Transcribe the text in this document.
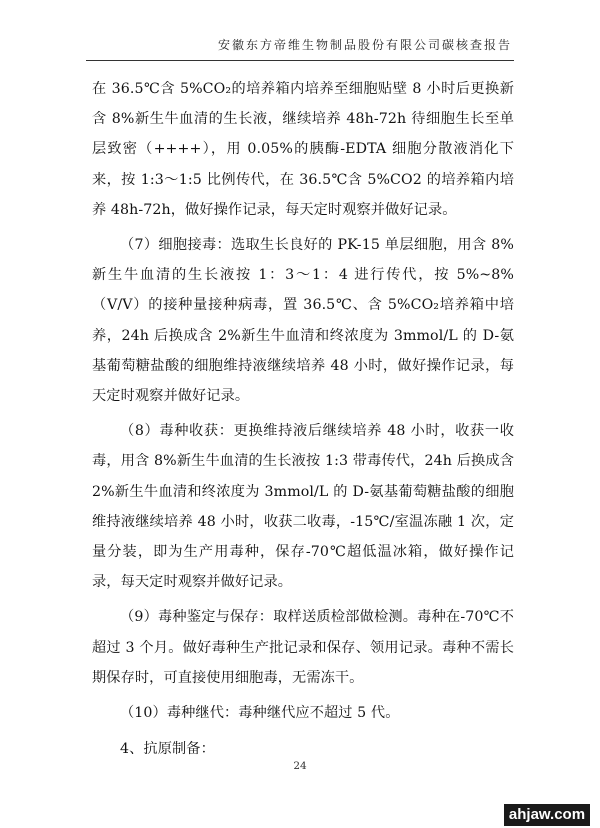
安徽东方帝维生物制品股份有限公司碳核查报告

在 36.5℃含 5%CO₂的培养箱内培养至细胞贴壁 8 小时后更换新含 8%新生牛血清的生长液，继续培养 48h-72h 待细胞生长至单层致密（++++），用 0.05%的胰酶-EDTA 细胞分散液消化下来，按 1:3～1:5 比例传代，在 36.5℃含 5%CO2 的培养箱内培养 48h-72h，做好操作记录，每天定时观察并做好记录。

（7）细胞接毒：选取生长良好的 PK-15 单层细胞，用含 8%新生牛血清的生长液按 1：3～1：4 进行传代，按 5%~8%（V/V）的接种量接种病毒，置 36.5℃、含 5%CO₂培养箱中培养，24h 后换成含 2%新生牛血清和终浓度为 3mmol/L 的 D-氨基葡萄糖盐酸的细胞维持液继续培养 48 小时，做好操作记录，每天定时观察并做好记录。

（8）毒种收获：更换维持液后继续培养 48 小时，收获一收毒，用含 8%新生牛血清的生长液按 1:3 带毒传代，24h 后换成含 2%新生牛血清和终浓度为 3mmol/L 的 D-氨基葡萄糖盐酸的细胞维持液继续培养 48 小时，收获二收毒，-15℃/室温冻融 1 次，定量分装，即为生产用毒种，保存-70℃超低温冰箱，做好操作记录，每天定时观察并做好记录。

（9）毒种鉴定与保存：取样送质检部做检测。毒种在-70℃不超过 3 个月。做好毒种生产批记录和保存、领用记录。毒种不需长期保存时，可直接使用细胞毒，无需冻干。

（10）毒种继代：毒种继代应不超过 5 代。

4、抗原制备：

24
ahjaw.com
